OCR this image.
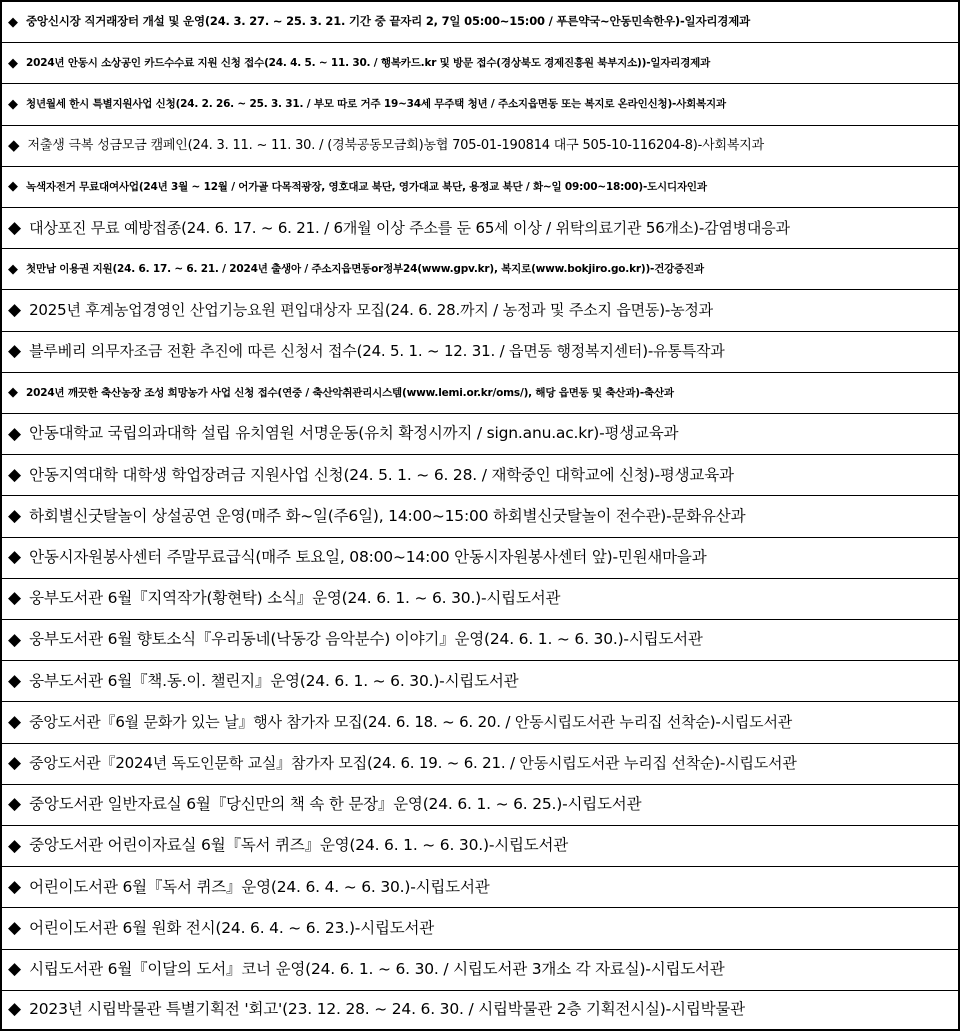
◆ 중앙신시장 직거래장터 개설 및 운영(24. 3. 27. ~ 25. 3. 21. 기간 중 끝자리 2, 7일 05:00~15:00 / 푸른약국~안동민속한우)-일자리경제과
◆ 2024년 안동시 소상공인 카드수수료 지원 신청 접수(24. 4. 5. ~ 11. 30. / 행복카드.kr 및 방문 접수(경상북도 경제진흥원 북부지소))-일자리경제과
◆ 청년월세 한시 특별지원사업 신청(24. 2. 26. ~ 25. 3. 31. / 부모 따로 거주 19~34세 무주택 청년 / 주소지읍면동 또는 복지로 온라인신청)-사회복지과
◆ 저출생 극복 성금모금 캠페인(24. 3. 11. ~ 11. 30. / (경북공동모금회)농협 705-01-190814 대구 505-10-116204-8)-사회복지과
◆ 녹색자전거 무료대여사업(24년 3월 ~ 12월 / 어가골 다목적광장, 영호대교 북단, 영가대교 북단, 용정교 북단 / 화~일 09:00~18:00)-도시디자인과
◆ 대상포진 무료 예방접종(24. 6. 17. ~ 6. 21. / 6개월 이상 주소를 둔 65세 이상 / 위탁의료기관 56개소)-감염병대응과
◆ 첫만남 이용권 지원(24. 6. 17. ~ 6. 21. / 2024년 출생아 / 주소지읍면동or정부24(www.gpv.kr), 복지로(www.bokjiro.go.kr))-건강증진과
◆ 2025년 후계농업경영인 산업기능요원 편입대상자 모집(24. 6. 28.까지 / 농정과 및 주소지 읍면동)-농정과
◆ 블루베리 의무자조금 전환 추진에 따른 신청서 접수(24. 5. 1. ~ 12. 31. / 읍면동 행정복지센터)-유통특작과
◆ 2024년 깨끗한 축산농장 조성 희망농가 사업 신청 접수(연중 / 축산악취관리시스템(www.lemi.or.kr/oms/), 해당 읍면동 및 축산과)-축산과
◆ 안동대학교 국립의과대학 설립 유치염원 서명운동(유치 확정시까지 / sign.anu.ac.kr)-평생교육과
◆ 안동지역대학 대학생 학업장려금 지원사업 신청(24. 5. 1. ~ 6. 28. / 재학중인 대학교에 신청)-평생교육과
◆ 하회별신굿탈놀이 상설공연 운영(매주 화~일(주6일), 14:00~15:00 하회별신굿탈놀이 전수관)-문화유산과
◆ 안동시자원봉사센터 주말무료급식(매주 토요일, 08:00~14:00 안동시자원봉사센터 앞)-민원새마을과
◆ 웅부도서관 6월『지역작가(황현탁) 소식』운영(24. 6. 1. ~ 6. 30.)-시립도서관
◆ 웅부도서관 6월 향토소식『우리동네(낙동강 음악분수) 이야기』운영(24. 6. 1. ~ 6. 30.)-시립도서관
◆ 웅부도서관 6월『책.동.이. 챌린지』운영(24. 6. 1. ~ 6. 30.)-시립도서관
◆ 중앙도서관『6월 문화가 있는 날』행사 참가자 모집(24. 6. 18. ~ 6. 20. / 안동시립도서관 누리집 선착순)-시립도서관
◆ 중앙도서관『2024년 독도인문학 교실』참가자 모집(24. 6. 19. ~ 6. 21. / 안동시립도서관 누리집 선착순)-시립도서관
◆ 중앙도서관 일반자료실 6월『당신만의 책 속 한 문장』운영(24. 6. 1. ~ 6. 25.)-시립도서관
◆ 중앙도서관 어린이자료실 6월『독서 퀴즈』운영(24. 6. 1. ~ 6. 30.)-시립도서관
◆ 어린이도서관 6월『독서 퀴즈』운영(24. 6. 4. ~ 6. 30.)-시립도서관
◆ 어린이도서관 6월 원화 전시(24. 6. 4. ~ 6. 23.)-시립도서관
◆ 시립도서관 6월『이달의 도서』코너 운영(24. 6. 1. ~ 6. 30. / 시립도서관 3개소 각 자료실)-시립도서관
◆ 2023년 시립박물관 특별기획전 '회고'(23. 12. 28. ~ 24. 6. 30. / 시립박물관 2층 기획전시실)-시립박물관
